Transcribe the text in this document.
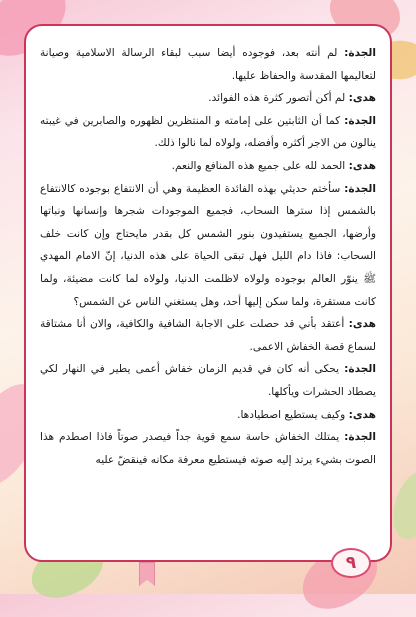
الجدة: لم أنته بعد، فوجوده أيضا سبب لبقاء الرسالة الاسلامية وصيانة لتعاليمها المقدسة والحفاظ عليها.

هدى: لم أكن أتصور كثرة هذه الفوائد.

الجدة: كما أن الثابتين على إمامته و المنتظرين لظهوره والصابرين في غيبته ينالون من الاجر أكثره وأفضله، ولولاه لما نالوا ذلك.

هدى: الحمد لله على جميع هذه المنافع والنعم.

الجدة: سأختم حديثي بهذه الفائدة العظيمة وهي أن الانتفاع بوجوده كالانتفاع بالشمس إذا سترها السحاب، فجميع الموجودات شجرها وإنسانها ونباتها وأرضها، الجميع يستفيدون بنور الشمس كل بقدر مايحتاج وإن كانت خلف السحاب: فاذا دام الليل فهل تبقى الحياة على هذه الدنيا، إنّ الامام المهدي ﷺ ينوّر العالم بوجوده ولولاه لاظلمت الدنيا، ولولاه لما كانت مضيئة، ولما كانت مستقرة، ولما سكن إليها أحد، وهل يستغني الناس عن الشمس؟

هدى: أعتقد بأني قد حصلت على الاجابة الشافية والكافية، والان أنا مشتاقة لسماع قصة الخفاش الاعمى.

الجدة: يحكى أنه كان في قديم الزمان خفاش أعمى يطير في النهار لكي يصطاد الحشرات ويأكلها.

هدى: وكيف يستطيع اصطيادها.

الجدة: يمتلك الخفاش حاسة سمع قوية جداً فيصدر صوتاً فاذا اصطدم هذا الصوت بشيء يرتد إليه صوته فيستطيع معرفة مكانه فينقضّ عليه

٩
